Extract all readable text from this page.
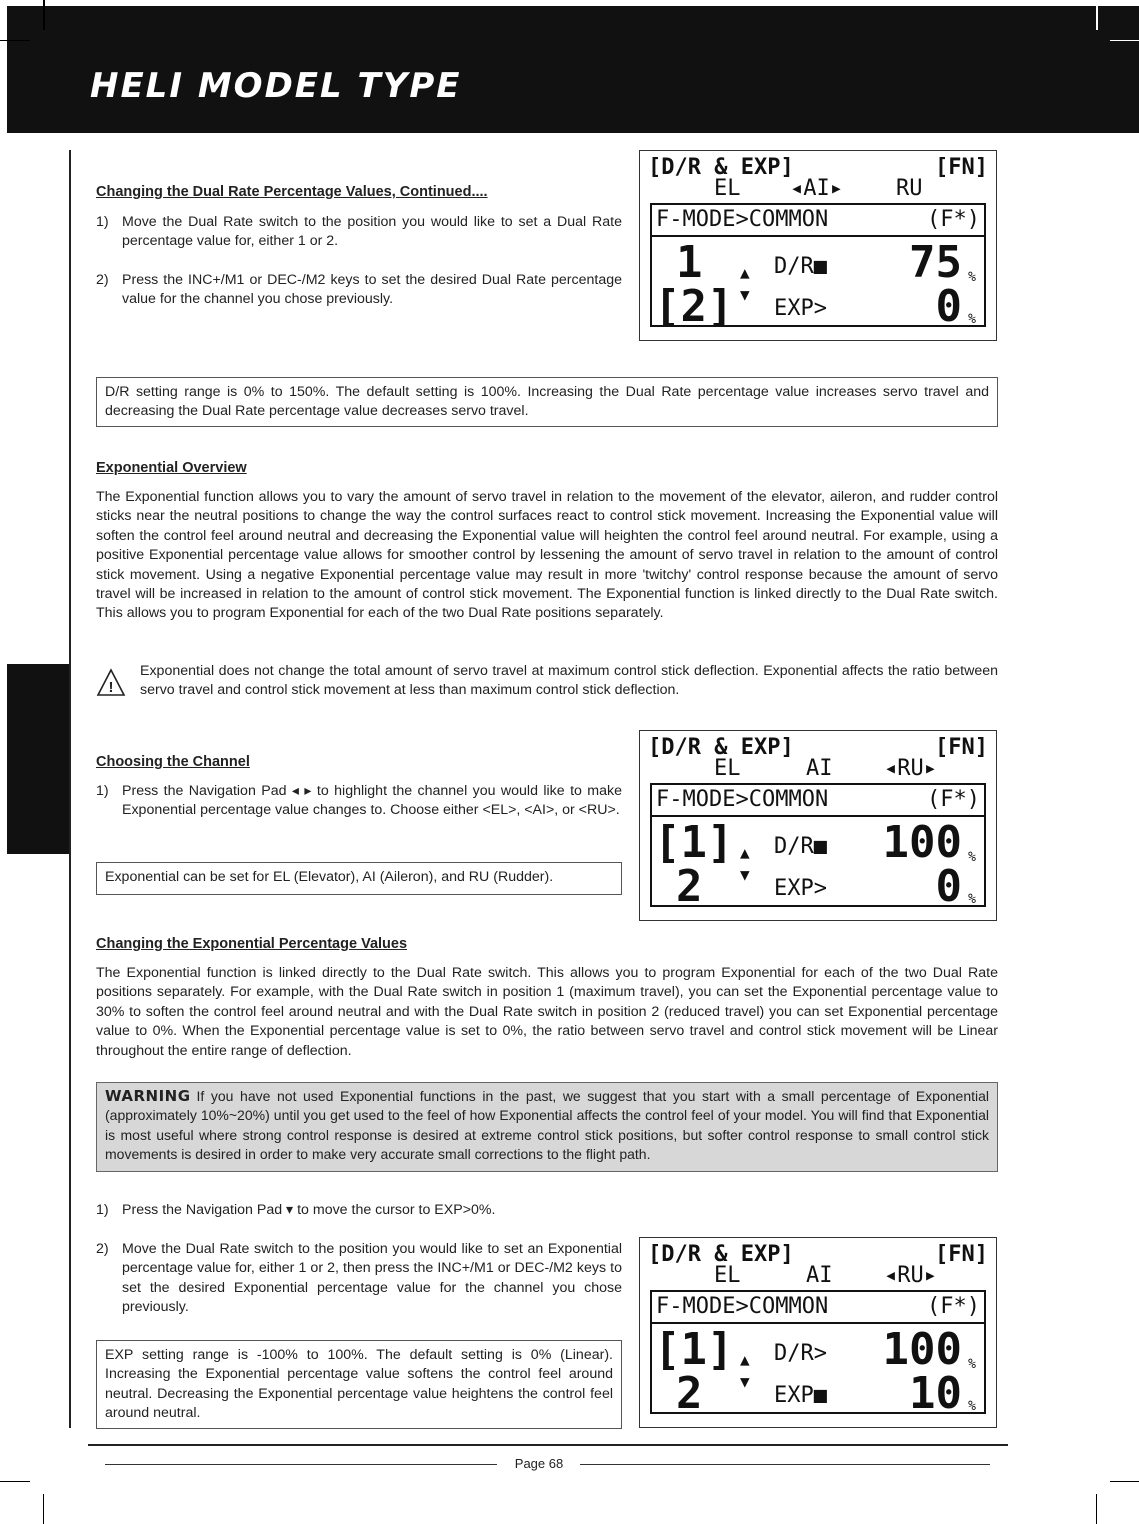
HELI MODEL TYPE
Changing the Dual Rate Percentage Values, Continued....
1) Move the Dual Rate switch to the position you would like to set a Dual Rate percentage value for, either 1 or 2.
2) Press the INC+/M1 or DEC-/M2 keys to set the desired Dual Rate percentage value for the channel you chose previously.
[D/R & EXP]	[FN]
EL ◂AI▸ RU
F-MODE>COMMON	(F*)
1
[2]
▲
▼
D/R■
EXP>
75 %
0 %
D/R setting range is 0% to 150%. The default setting is 100%. Increasing the Dual Rate percentage value increases servo travel and decreasing the Dual Rate percentage value decreases servo travel.
Exponential Overview
The Exponential function allows you to vary the amount of servo travel in relation to the movement of the elevator, aileron, and rudder control sticks near the neutral positions to change the way the control surfaces react to control stick movement. Increasing the Exponential value will soften the control feel around neutral and decreasing the Exponential value will heighten the control feel around neutral. For example, using a positive Exponential percentage value allows for smoother control by lessening the amount of servo travel in relation to the amount of control stick movement. Using a negative Exponential percentage value may result in more 'twitchy' control response because the amount of servo travel will be increased in relation to the amount of control stick movement. The Exponential function is linked directly to the Dual Rate switch. This allows you to program Exponential for each of the two Dual Rate positions separately.
!
Exponential does not change the total amount of servo travel at maximum control stick deflection. Exponential affects the ratio between servo travel and control stick movement at less than maximum control stick deflection.
Choosing the Channel
1) Press the Navigation Pad ◂ ▸ to highlight the channel you would like to make Exponential percentage value changes to. Choose either <EL>, <AI>, or <RU>.
Exponential can be set for EL (Elevator), AI (Aileron), and RU (Rudder).
[D/R & EXP]	[FN]
EL	AI ◂RU▸
F-MODE>COMMON	(F*)
[1]
2
▲
▼
D/R■
EXP>
100 %
0 %
Changing the Exponential Percentage Values
The Exponential function is linked directly to the Dual Rate switch. This allows you to program Exponential for each of the two Dual Rate positions separately. For example, with the Dual Rate switch in position 1 (maximum travel), you can set the Exponential percentage value to 30% to soften the control feel around neutral and with the Dual Rate switch in position 2 (reduced travel) you can set Exponential percentage value to 0%. When the Exponential percentage value is set to 0%, the ratio between servo travel and control stick movement will be Linear throughout the entire range of deflection.
WARNING If you have not used Exponential functions in the past, we suggest that you start with a small percentage of Exponential (approximately 10%~20%) until you get used to the feel of how Exponential affects the control feel of your model. You will find that Exponential is most useful where strong control response is desired at extreme control stick positions, but softer control response to small control stick movements is desired in order to make very accurate small corrections to the flight path.
1) Press the Navigation Pad ▾ to move the cursor to EXP>0%.
2) Move the Dual Rate switch to the position you would like to set an Exponential percentage value for, either 1 or 2, then press the INC+/M1 or DEC-/M2 keys to set the desired Exponential percentage value for the channel you chose previously.
EXP setting range is -100% to 100%. The default setting is 0% (Linear). Increasing the Exponential percentage value softens the control feel around neutral. Decreasing the Exponential percentage value heightens the control feel around neutral.
[D/R & EXP]	[FN]
EL	AI ◂RU▸
F-MODE>COMMON	(F*)
[1]
2
▲
▼
D/R>
EXP■
100 %
10 %
Page 68
